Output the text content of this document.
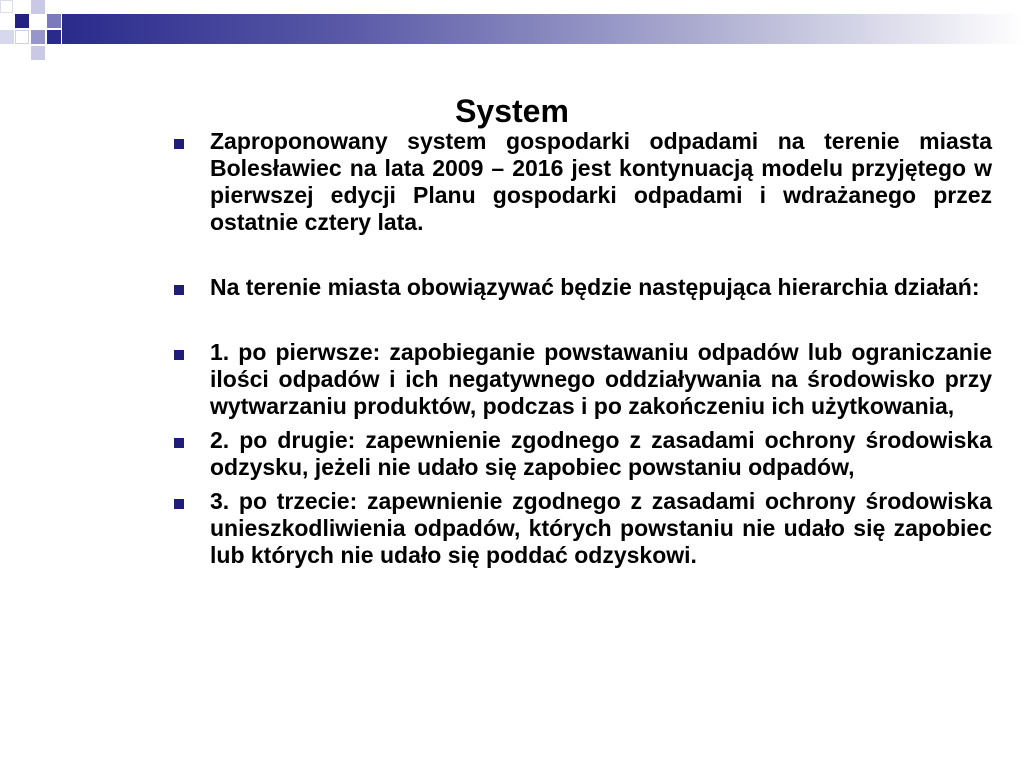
System
Zaproponowany system gospodarki odpadami na terenie miasta Bolesławiec na lata 2009 – 2016 jest kontynuacją modelu przyjętego w pierwszej edycji Planu gospodarki odpadami i wdrażanego przez ostatnie cztery lata.
Na terenie miasta obowiązywać będzie następująca hierarchia działań:
1. po pierwsze: zapobieganie powstawaniu odpadów lub ograniczanie ilości odpadów i ich negatywnego oddziaływania na środowisko przy wytwarzaniu produktów, podczas i po zakończeniu ich użytkowania,
2. po drugie: zapewnienie zgodnego z zasadami ochrony środowiska odzysku, jeżeli nie udało się zapobiec powstaniu odpadów,
3. po trzecie: zapewnienie zgodnego z zasadami ochrony środowiska unieszkodliwienia odpadów, których powstaniu nie udało się zapobiec lub których nie udało się poddać odzyskowi.
